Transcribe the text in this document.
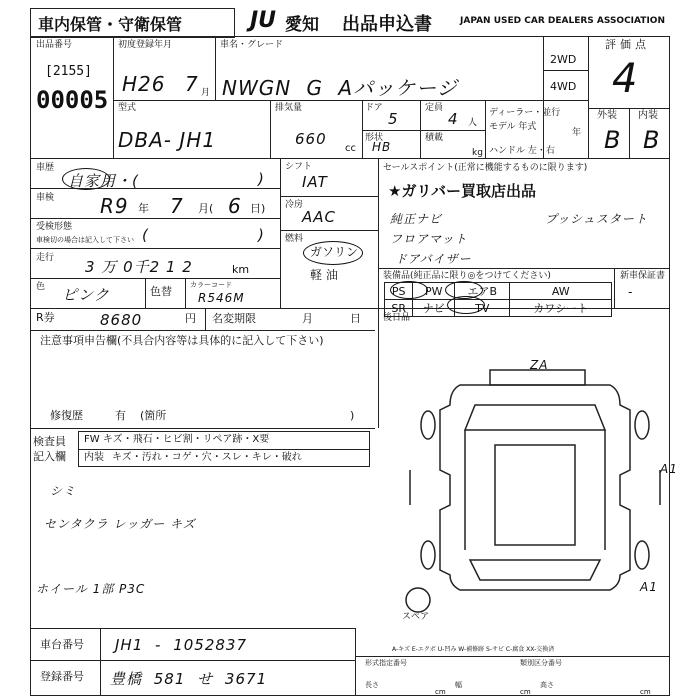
車内保管・守衛保管	JU 愛知 出品申込書	JAPAN USED CAR DEALERS ASSOCIATION
出品番号
[2155]
00005
初度登録年月
H26 7 月
車名・グレード
NWGN G Aパッケージ
2WD
4WD
評価点
4
外装 内装
B B
型式
DBA- JH1
排気量
660
cc
ドア
5
形状
HB
定員
4 人
積載
kg
ディーラー・並行
モデル 年式
年
ハンドル 左・右
車歴
自家用・(	)
車検 R9 年 7 月( 6 日)
受検形態
車検切の場合は記入して下さい (	)
走行 3 万 0千2 1 2	km
色 ピンク	色替	カラーコード
R546M
シフト
IAT
冷房
AAC
燃料
ガソリン
軽 油
セールスポイント(正常に機能するものに限ります)
★ガリバー買取店出品
純正ナビ	プッシュスタート
フロアマット
ドアバイザー
装備品(純正品に限り◎をつけてください)
PS	PW	エアB	AW
SR	ナビ	TV	カワシート
新車保証書
-
R券	8680	円 名変期限	月	日 後日品
注意事項申告欄(不具合内容等は具体的に記入して下さい)
修復歴	有 (箇所	)
検査員
記入欄
FW キズ・飛石・ヒビ割・リペア跡・X要
内装 キズ・汚れ・コゲ・穴・スレ・キレ・破れ
シミ
センタクラ レッガー キズ
ホイール 1部 P3C
ZA
A1
A1
スペア
車台番号 JH1 - 1052837
登録番号 豊橋 581 せ 3671
A-キズ E-エクボ U-凹み W-補修跡 S-サビ C-腐食 XX-交換済
形式指定番号	類別区分番号
長さ	幅	高さ
cm	cm	cm
